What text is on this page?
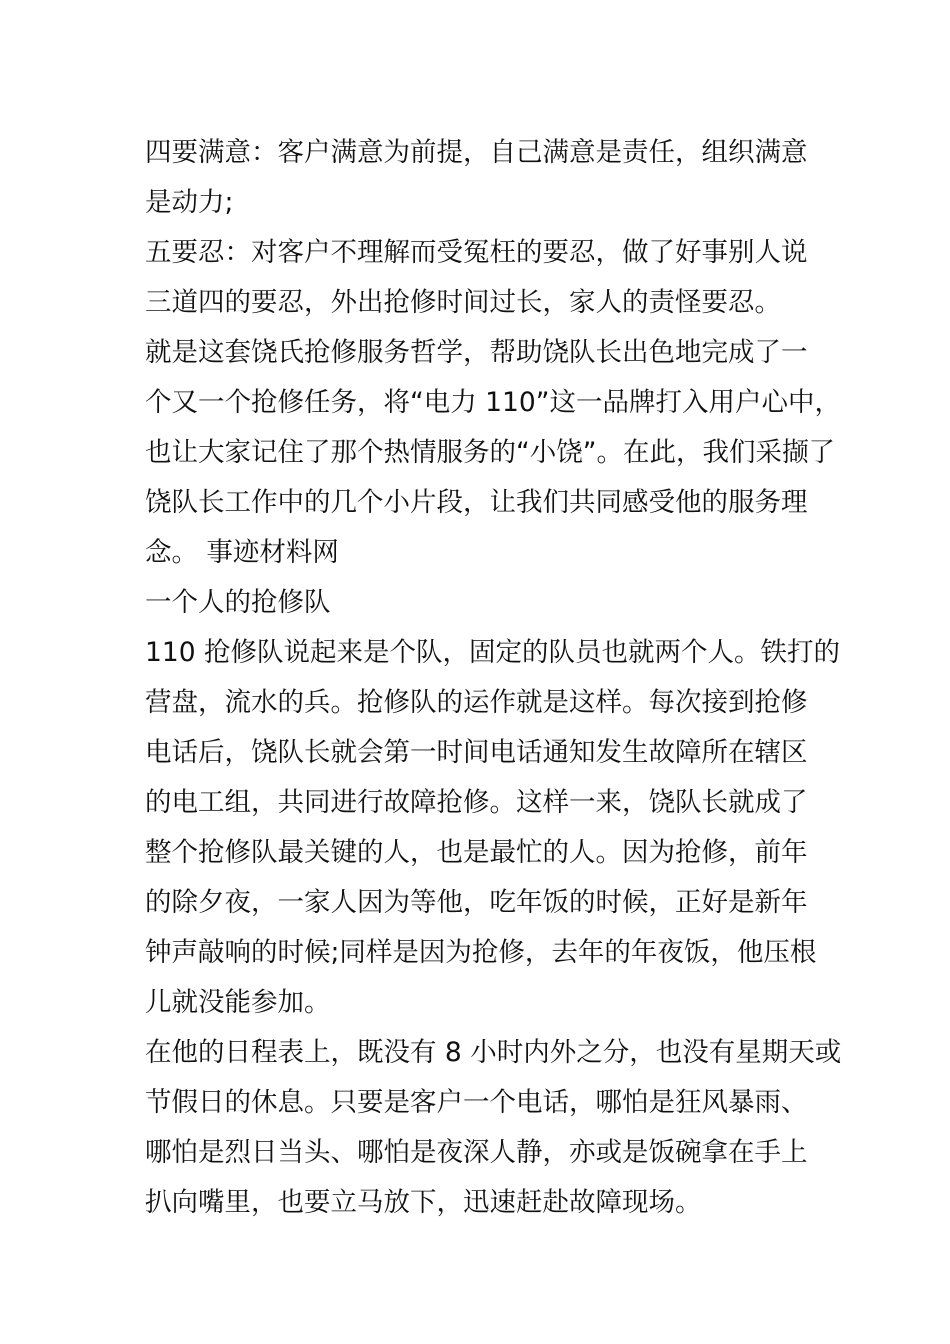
四要满意：客户满意为前提，自己满意是责任，组织满意
是动力;

五要忍：对客户不理解而受冤枉的要忍，做了好事别人说
三道四的要忍，外出抢修时间过长，家人的责怪要忍。

就是这套饶氏抢修服务哲学，帮助饶队长出色地完成了一
个又一个抢修任务，将“电力 110”这一品牌打入用户心中，
也让大家记住了那个热情服务的“小饶”。在此，我们采撷了
饶队长工作中的几个小片段，让我们共同感受他的服务理
念。 事迹材料网

一个人的抢修队

110 抢修队说起来是个队，固定的队员也就两个人。铁打的
营盘，流水的兵。抢修队的运作就是这样。每次接到抢修
电话后，饶队长就会第一时间电话通知发生故障所在辖区
的电工组，共同进行故障抢修。这样一来，饶队长就成了
整个抢修队最关键的人，也是最忙的人。因为抢修，前年
的除夕夜，一家人因为等他，吃年饭的时候，正好是新年
钟声敲响的时候;同样是因为抢修，去年的年夜饭，他压根
儿就没能参加。

在他的日程表上，既没有 8 小时内外之分，也没有星期天或
节假日的休息。只要是客户一个电话，哪怕是狂风暴雨、
哪怕是烈日当头、哪怕是夜深人静，亦或是饭碗拿在手上
扒向嘴里，也要立马放下，迅速赶赴故障现场。
